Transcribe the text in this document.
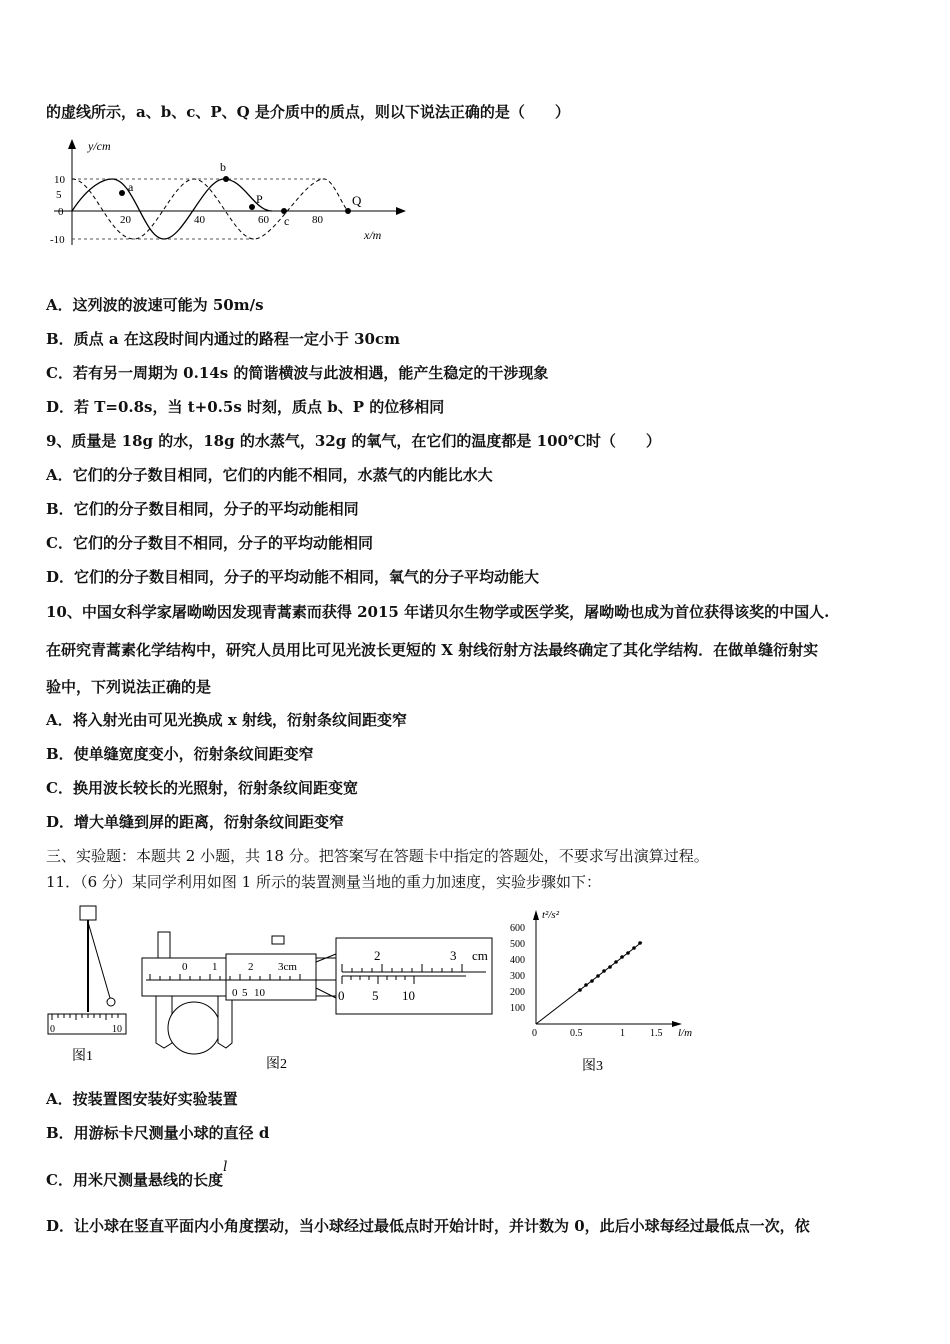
的虚线所示，a、b、c、P、Q 是介质中的质点，则以下说法正确的是（　　）
y/cm
x/m
10
5
0
-10
20	40	60	80
a
b
P
c
Q
A．这列波的波速可能为 50m/s
B．质点 a 在这段时间内通过的路程一定小于 30cm
C．若有另一周期为 0.14s 的简谐横波与此波相遇，能产生稳定的干涉现象
D．若 T=0.8s，当 t+0.5s 时刻，质点 b、P 的位移相同
9、质量是 18g 的水，18g 的水蒸气，32g 的氧气，在它们的温度都是 100℃时（　　）
A．它们的分子数目相同，它们的内能不相同，水蒸气的内能比水大
B．它们的分子数目相同，分子的平均动能相同
C．它们的分子数目不相同，分子的平均动能相同
D．它们的分子数目相同，分子的平均动能不相同，氧气的分子平均动能大
10、中国女科学家屠呦呦因发现青蒿素而获得 2015 年诺贝尔生物学或医学奖，屠呦呦也成为首位获得该奖的中国人.
在研究青蒿素化学结构中，研究人员用比可见光波长更短的 X 射线衍射方法最终确定了其化学结构．在做单缝衍射实
验中，下列说法正确的是
A．将入射光由可见光换成 x 射线，衍射条纹间距变窄
B．使单缝宽度变小，衍射条纹间距变窄
C．换用波长较长的光照射，衍射条纹间距变宽
D．增大单缝到屏的距离，衍射条纹间距变窄
三、实验题：本题共 2 小题，共 18 分。把答案写在答题卡中指定的答题处，不要求写出演算过程。
11．（6 分）某同学利用如图 1 所示的装置测量当地的重力加速度，实验步骤如下：
0	10
图1
0 1	2 3cm
0 5 10
2	3 cm
0 5 10
图2
t²/s²
l/m
600
500
400
300
200
100
0	0.5	1	1.5
图3
A．按装置图安装好实验装置
B．用游标卡尺测量小球的直径 d
C．用米尺测量悬线的长度l
D．让小球在竖直平面内小角度摆动，当小球经过最低点时开始计时，并计数为 0，此后小球每经过最低点一次，依
